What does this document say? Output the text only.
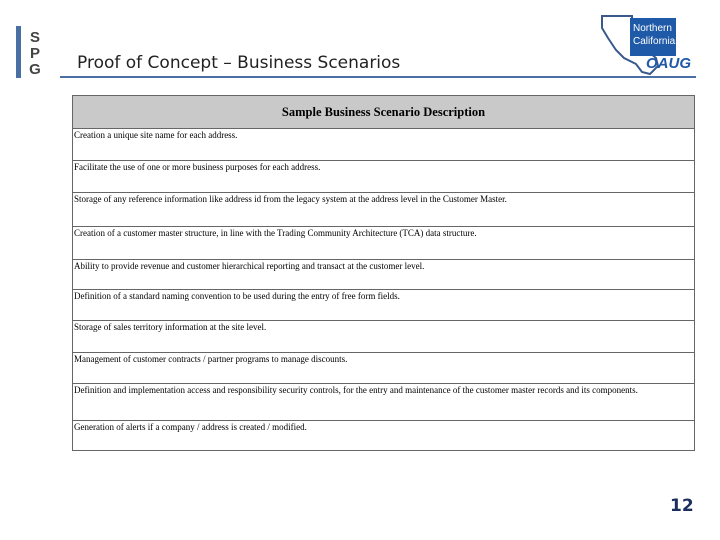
S
P
G Proof of Concept – Business Scenarios
Northern
California
OAUG
Sample Business Scenario Description
Creation a unique site name for each address.
Facilitate the use of one or more business purposes for each address.
Storage of any reference information like address id from the legacy system at the address level in the Customer Master.
Creation of a customer master structure, in line with the Trading Community Architecture (TCA) data structure.
Ability to provide revenue and customer hierarchical reporting and transact at the customer level.
Definition of a standard naming convention to be used during the entry of free form fields.
Storage of sales territory information at the site level.
Management of customer contracts / partner programs to manage discounts.
Definition and implementation access and responsibility security controls, for the entry and maintenance of the customer master records and its components.
Generation of alerts if a company / address is created / modified.
12
